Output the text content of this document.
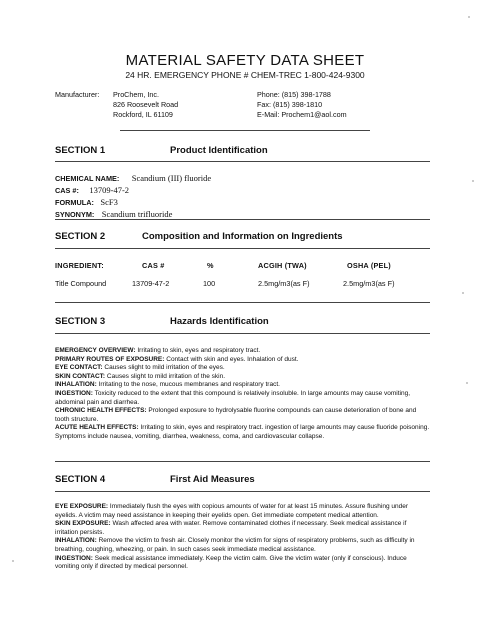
MATERIAL SAFETY DATA SHEET
24 HR. EMERGENCY PHONE # CHEM-TREC 1-800-424-9300
Manufacturer: ProChem, Inc.
826 Roosevelt Road
Rockford, IL 61109
Phone: (815) 398-1788
Fax: (815) 398-1810
E-Mail: Prochem1@aol.com
SECTION 1	Product Identification
CHEMICAL NAME: Scandium (III) fluoride
CAS #: 13709-47-2
FORMULA: ScF3
SYNONYM: Scandium trifluoride
SECTION 2	Composition and Information on Ingredients
INGREDIENT:	CAS #	%	ACGIH (TWA)	OSHA (PEL)
Title Compound	13709-47-2	100	2.5mg/m3(as F)	2.5mg/m3(as F)
SECTION 3	Hazards Identification

EMERGENCY OVERVIEW: Irritating to skin, eyes and respiratory tract.

PRIMARY ROUTES OF EXPOSURE: Contact with skin and eyes. Inhalation of dust.

EYE CONTACT: Causes slight to mild irritation of the eyes.

SKIN CONTACT: Causes slight to mild irritation of the skin.

INHALATION: Irritating to the nose, mucous membranes and respiratory tract.

INGESTION: Toxicity reduced to the extent that this compound is relatively insoluble. In large amounts may cause vomiting, abdominal pain and diarrhea.

CHRONIC HEALTH EFFECTS: Prolonged exposure to hydrolysable fluorine compounds can cause deterioration of bone and tooth structure.

ACUTE HEALTH EFFECTS: Irritating to skin, eyes and respiratory tract. ingestion of large amounts may cause fluoride poisoning. Symptoms include nausea, vomiting, diarrhea, weakness, coma, and cardiovascular collapse.

SECTION 4	First Aid Measures

EYE EXPOSURE: Immediately flush the eyes with copious amounts of water for at least 15 minutes. Assure flushing under eyelids. A victim may need assistance in keeping their eyelids open. Get immediate competent medical attention.

SKIN EXPOSURE: Wash affected area with water. Remove contaminated clothes if necessary. Seek medical assistance if irritation persists.

INHALATION: Remove the victim to fresh air. Closely monitor the victim for signs of respiratory problems, such as difficulty in breathing, coughing, wheezing, or pain. In such cases seek immediate medical assistance.

INGESTION: Seek medical assistance immediately. Keep the victim calm. Give the victim water (only if conscious). Induce vomiting only if directed by medical personnel.
